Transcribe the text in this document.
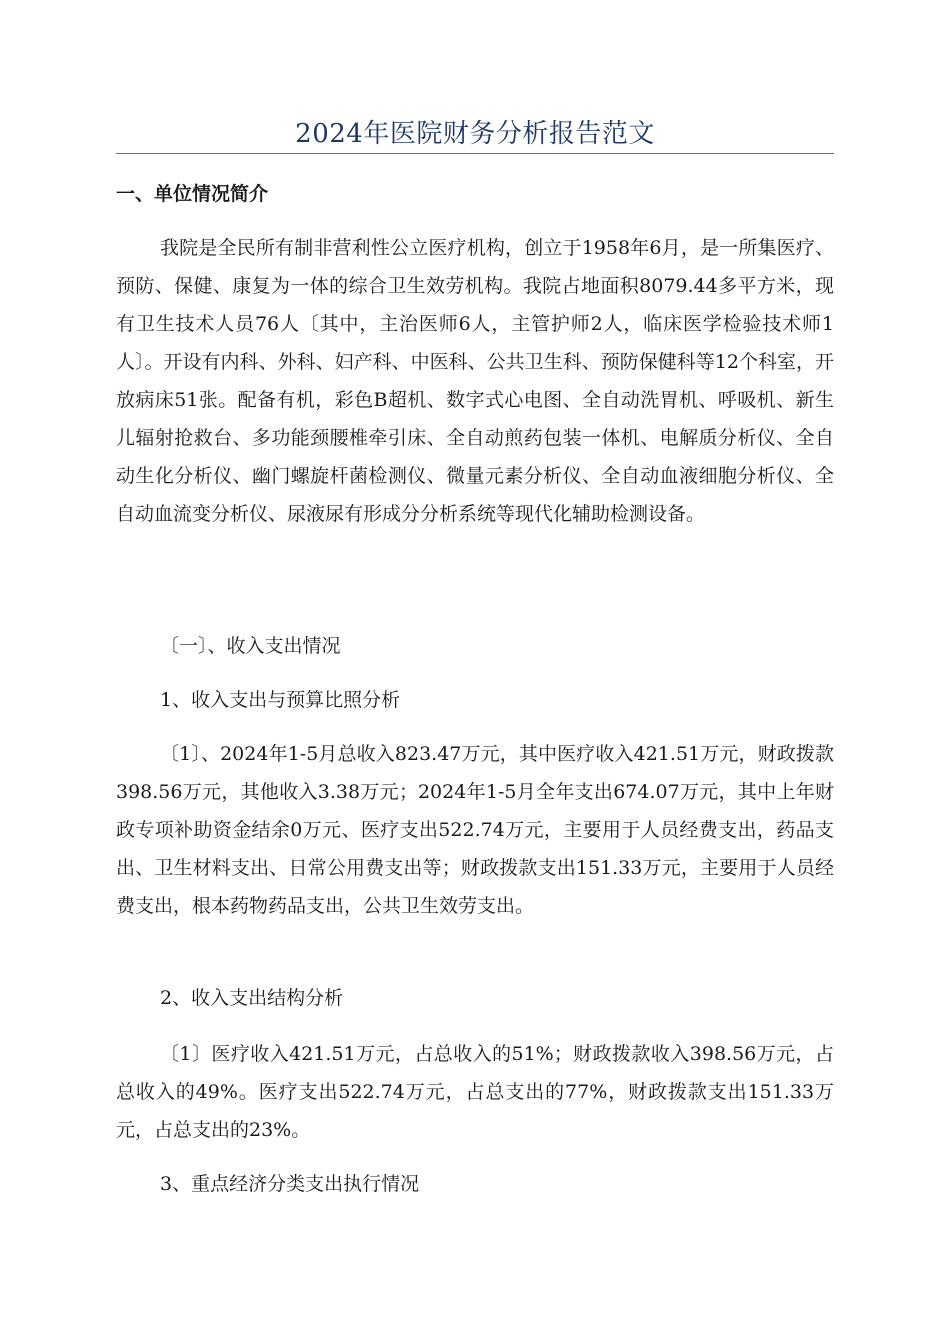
2024年医院财务分析报告范文
一、单位情况简介

我院是全民所有制非营利性公立医疗机构，创立于1958年6月，是一所集医疗、预防、保健、康复为一体的综合卫生效劳机构。我院占地面积8079.44多平方米，现有卫生技术人员76人〔其中，主治医师6人，主管护师2人，临床医学检验技术师1人〕。开设有内科、外科、妇产科、中医科、公共卫生科、预防保健科等12个科室，开放病床51张。配备有机，彩色B超机、数字式心电图、全自动洗胃机、呼吸机、新生儿辐射抢救台、多功能颈腰椎牵引床、全自动煎药包装一体机、电解质分析仪、全自动生化分析仪、幽门螺旋杆菌检测仪、微量元素分析仪、全自动血液细胞分析仪、全自动血流变分析仪、尿液尿有形成分分析系统等现代化辅助检测设备。

〔一〕、收入支出情况
1、收入支出与预算比照分析

〔1〕、2024年1-5月总收入823.47万元，其中医疗收入421.51万元，财政拨款398.56万元，其他收入3.38万元；2024年1-5月全年支出674.07万元，其中上年财政专项补助资金结余0万元、医疗支出522.74万元，主要用于人员经费支出，药品支出、卫生材料支出、日常公用费支出等；财政拨款支出151.33万元，主要用于人员经费支出，根本药物药品支出，公共卫生效劳支出。

2、收入支出结构分析

〔1〕医疗收入421.51万元，占总收入的51%；财政拨款收入398.56万元，占总收入的49%。医疗支出522.74万元，占总支出的77%，财政拨款支出151.33万元，占总支出的23%。

3、重点经济分类支出执行情况
